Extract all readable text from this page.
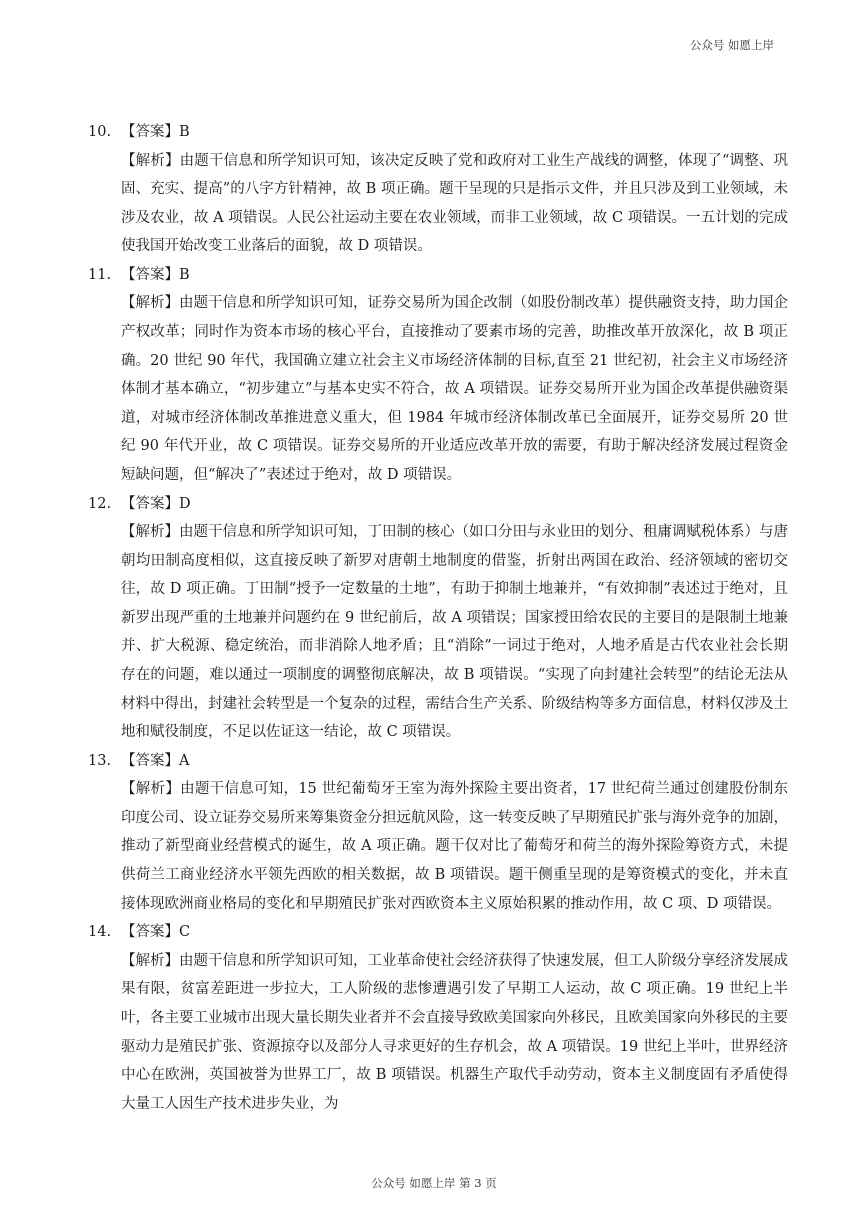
公众号 如愿上岸
10. 【答案】B
【解析】由题干信息和所学知识可知，该决定反映了党和政府对工业生产战线的调整，体现了“调整、巩固、充实、提高”的八字方针精神，故 B 项正确。题干呈现的只是指示文件，并且只涉及到工业领域，未涉及农业，故 A 项错误。人民公社运动主要在农业领域，而非工业领域，故 C 项错误。一五计划的完成使我国开始改变工业落后的面貌，故 D 项错误。
11. 【答案】B
【解析】由题干信息和所学知识可知，证券交易所为国企改制（如股份制改革）提供融资支持，助力国企产权改革；同时作为资本市场的核心平台，直接推动了要素市场的完善，助推改革开放深化，故 B 项正确。20 世纪 90 年代，我国确立建立社会主义市场经济体制的目标,直至 21 世纪初，社会主义市场经济体制才基本确立，“初步建立”与基本史实不符合，故 A 项错误。证券交易所开业为国企改革提供融资渠道，对城市经济体制改革推进意义重大，但 1984 年城市经济体制改革已全面展开，证券交易所 20 世纪 90 年代开业，故 C 项错误。证券交易所的开业适应改革开放的需要，有助于解决经济发展过程资金短缺问题，但“解决了”表述过于绝对，故 D 项错误。
12. 【答案】D
【解析】由题干信息和所学知识可知，丁田制的核心（如口分田与永业田的划分、租庸调赋税体系）与唐朝均田制高度相似，这直接反映了新罗对唐朝土地制度的借鉴，折射出两国在政治、经济领域的密切交往，故 D 项正确。丁田制“授予一定数量的土地”，有助于抑制土地兼并，“有效抑制”表述过于绝对，且新罗出现严重的土地兼并问题约在 9 世纪前后，故 A 项错误；国家授田给农民的主要目的是限制土地兼并、扩大税源、稳定统治，而非消除人地矛盾；且“消除”一词过于绝对，人地矛盾是古代农业社会长期存在的问题，难以通过一项制度的调整彻底解决，故 B 项错误。“实现了向封建社会转型”的结论无法从材料中得出，封建社会转型是一个复杂的过程，需结合生产关系、阶级结构等多方面信息，材料仅涉及土地和赋役制度，不足以佐证这一结论，故 C 项错误。
13. 【答案】A
【解析】由题干信息可知，15 世纪葡萄牙王室为海外探险主要出资者，17 世纪荷兰通过创建股份制东印度公司、设立证券交易所来筹集资金分担远航风险，这一转变反映了早期殖民扩张与海外竞争的加剧，推动了新型商业经营模式的诞生，故 A 项正确。题干仅对比了葡萄牙和荷兰的海外探险筹资方式，未提供荷兰工商业经济水平领先西欧的相关数据，故 B 项错误。题干侧重呈现的是筹资模式的变化，并未直接体现欧洲商业格局的变化和早期殖民扩张对西欧资本主义原始积累的推动作用，故 C 项、D 项错误。
14. 【答案】C
【解析】由题干信息和所学知识可知，工业革命使社会经济获得了快速发展，但工人阶级分享经济发展成果有限，贫富差距进一步拉大，工人阶级的悲惨遭遇引发了早期工人运动，故 C 项正确。19 世纪上半叶，各主要工业城市出现大量长期失业者并不会直接导致欧美国家向外移民，且欧美国家向外移民的主要驱动力是殖民扩张、资源掠夺以及部分人寻求更好的生存机会，故 A 项错误。19 世纪上半叶，世界经济中心在欧洲，英国被誉为世界工厂，故 B 项错误。机器生产取代手动劳动，资本主义制度固有矛盾使得大量工人因生产技术进步失业，为
公众号 如愿上岸 第 3 页
